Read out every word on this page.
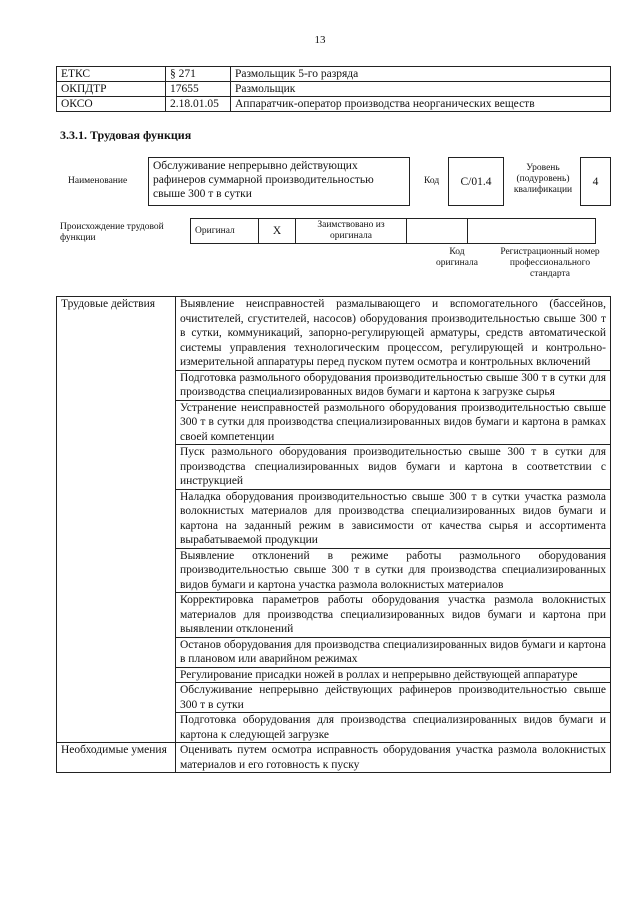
13
ЕТКС	§ 271	Размольщик 5-го разряда
ОКПДТР	17655	Размольщик
ОКСО	2.18.01.05	Аппаратчик-оператор производства неорганических веществ
3.3.1. Трудовая функция
Наименование
Обслуживание непрерывно действующих рафинеров суммарной производительностью свыше 300 т в сутки
Код	С/01.4
Уровень (подуровень) квалификации
4
Происхождение трудовой функции
Оригинал	X	Заимствовано из оригинала		
Код оригинала
Регистрационный номер профессионального стандарта
Трудовые действия	Выявление неисправностей размалывающего и вспомогательного (бассейнов, очистителей, сгустителей, насосов) оборудования производительностью свыше 300 т в сутки, коммуникаций, запорно-регулирующей арматуры, средств автоматической системы управления технологическим процессом, регулирующей и контрольно-измерительной аппаратуры перед пуском путем осмотра и контрольных включений
	Подготовка размольного оборудования производительностью свыше 300 т в сутки для производства специализированных видов бумаги и картона к загрузке сырья
	Устранение неисправностей размольного оборудования производительностью свыше 300 т в сутки для производства специализированных видов бумаги и картона в рамках своей компетенции
	Пуск размольного оборудования производительностью свыше 300 т в сутки для производства специализированных видов бумаги и картона в соответствии с инструкцией
	Наладка оборудования производительностью свыше 300 т в сутки участка размола волокнистых материалов для производства специализированных видов бумаги и картона на заданный режим в зависимости от качества сырья и ассортимента вырабатываемой продукции
	Выявление отклонений в режиме работы размольного оборудования производительностью свыше 300 т в сутки для производства специализированных видов бумаги и картона участка размола волокнистых материалов
	Корректировка параметров работы оборудования участка размола волокнистых материалов для производства специализированных видов бумаги и картона при выявлении отклонений
	Останов оборудования для производства специализированных видов бумаги и картона в плановом или аварийном режимах
	Регулирование присадки ножей в роллах и непрерывно действующей аппаратуре
	Обслуживание непрерывно действующих рафинеров производительностью свыше 300 т в сутки
	Подготовка оборудования для производства специализированных видов бумаги и картона к следующей загрузке
Необходимые умения	Оценивать путем осмотра исправность оборудования участка размола волокнистых материалов и его готовность к пуску
